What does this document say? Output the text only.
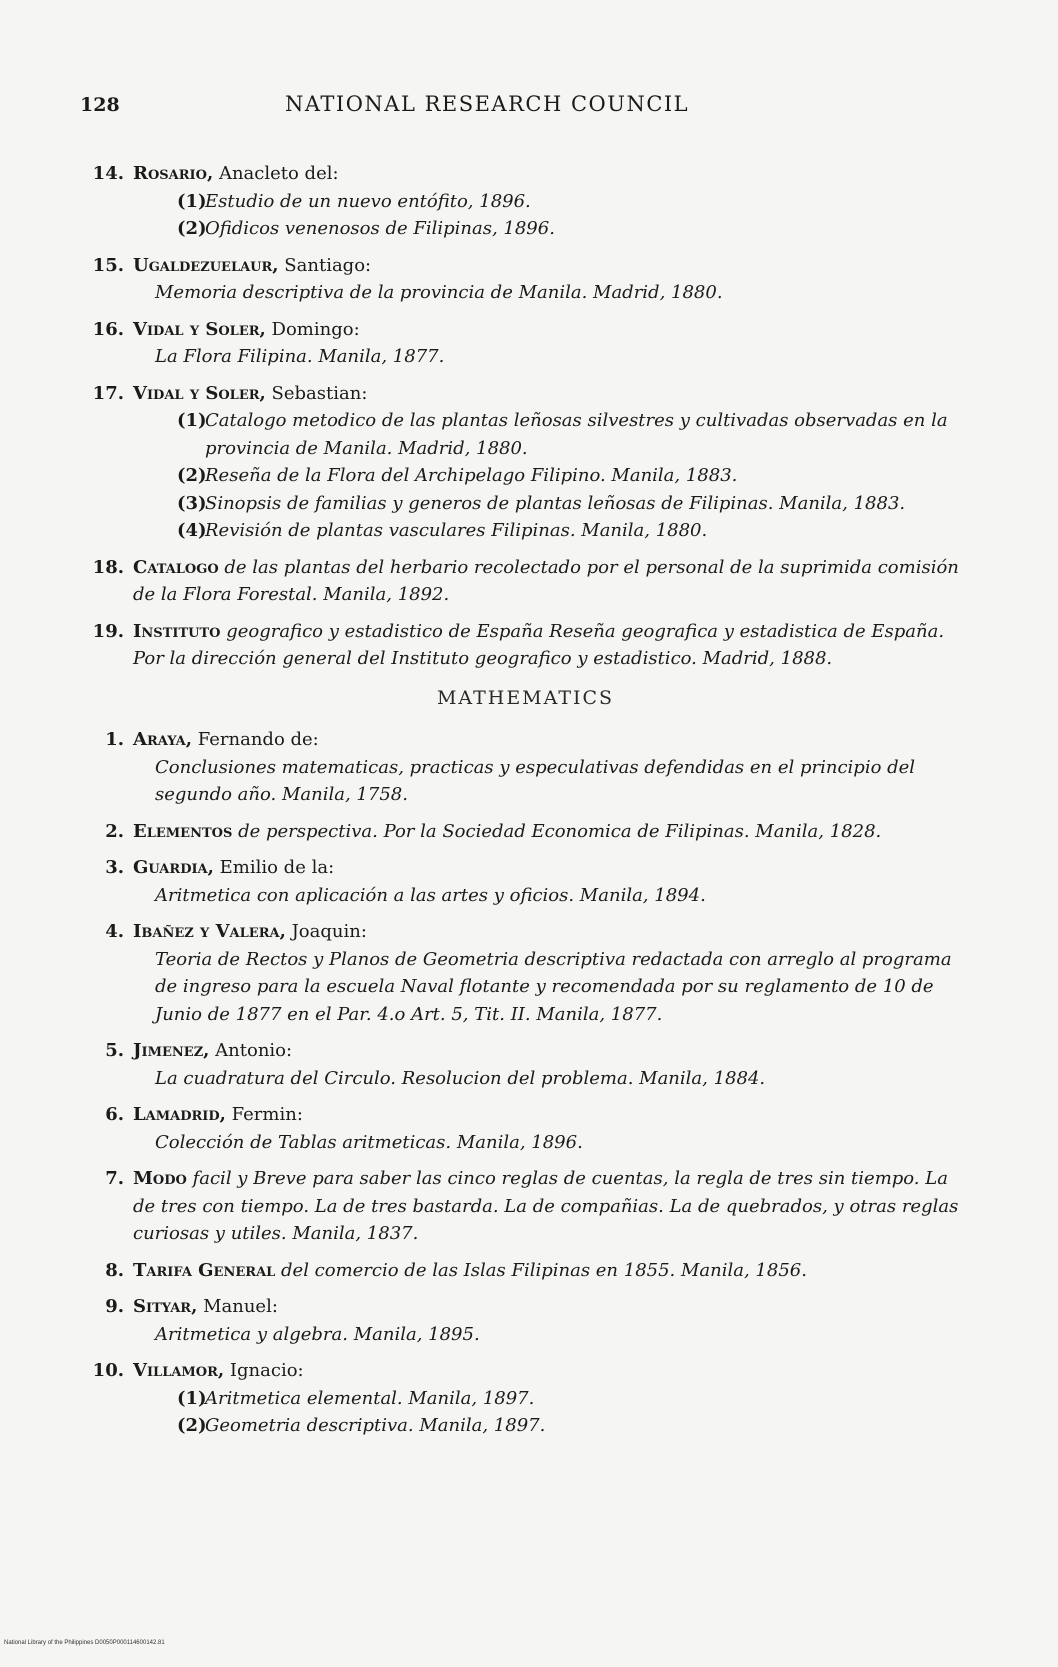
128	NATIONAL RESEARCH COUNCIL
14. Rosario, Anacleto del:
(1)
Estudio de un nuevo entófito, 1896.
(2)
Ofidicos venenosos de Filipinas, 1896.
15. Ugaldezuelaur, Santiago:
Memoria descriptiva de la provincia de Manila. Madrid, 1880.
16. Vidal y Soler, Domingo:
La Flora Filipina. Manila, 1877.
17. Vidal y Soler, Sebastian:
(1)
Catalogo metodico de las plantas leñosas silvestres y cultivadas observadas en la provincia de Manila. Madrid, 1880.
(2)
Reseña de la Flora del Archipelago Filipino. Manila, 1883.
(3)
Sinopsis de familias y generos de plantas leñosas de Filipinas. Manila, 1883.
(4)
Revisión de plantas vasculares Filipinas. Manila, 1880.
18. Catalogo de las plantas del herbario recolectado por el personal de la suprimida comisión de la Flora Forestal. Manila, 1892.
19. Instituto geografico y estadistico de España Reseña geografica y estadistica de España. Por la dirección general del Instituto geografico y estadistico. Madrid, 1888.
MATHEMATICS
1. Araya, Fernando de:
Conclusiones matematicas, practicas y especulativas defendidas en el principio del segundo año. Manila, 1758.
2. Elementos de perspectiva. Por la Sociedad Economica de Filipinas. Manila, 1828.
3. Guardia, Emilio de la:
Aritmetica con aplicación a las artes y oficios. Manila, 1894.
4. Ibañez y Valera, Joaquin:
Teoria de Rectos y Planos de Geometria descriptiva redactada con arreglo al programa de ingreso para la escuela Naval flotante y recomendada por su reglamento de 10 de Junio de 1877 en el Par. 4.o Art. 5, Tit. II. Manila, 1877.
5. Jimenez, Antonio:
La cuadratura del Circulo. Resolucion del problema. Manila, 1884.
6. Lamadrid, Fermin:
Colección de Tablas aritmeticas. Manila, 1896.
7. Modo facil y Breve para saber las cinco reglas de cuentas, la regla de tres sin tiempo. La de tres con tiempo. La de tres bastarda. La de compañias. La de quebrados, y otras reglas curiosas y utiles. Manila, 1837.
8. Tarifa General del comercio de las Islas Filipinas en 1855. Manila, 1856.
9. Sityar, Manuel:
Aritmetica y algebra. Manila, 1895.
10. Villamor, Ignacio:
(1)
Aritmetica elemental. Manila, 1897.
(2)
Geometria descriptiva. Manila, 1897.
National Library of the Philippines D0050P000114600142.81
